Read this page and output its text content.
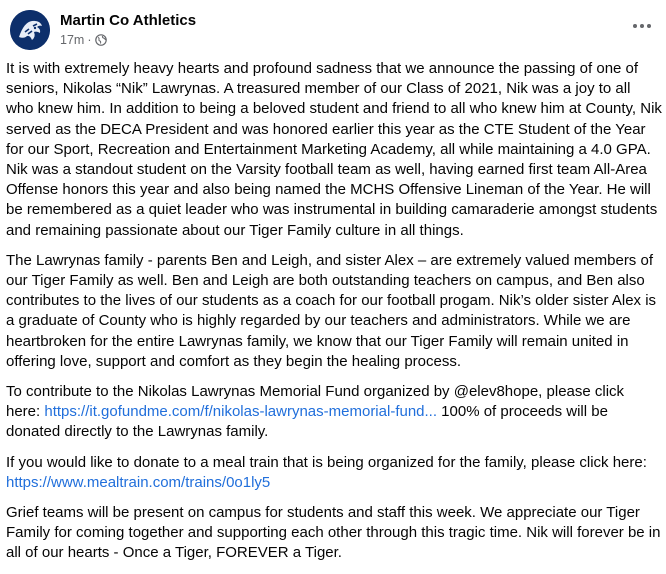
Martin Co Athletics
17m ·

It is with extremely heavy hearts and profound sadness that we announce the passing of one of seniors, Nikolas “Nik” Lawrynas. A treasured member of our Class of 2021, Nik was a joy to all who knew him. In addition to being a beloved student and friend to all who knew him at County, Nik served as the DECA President and was honored earlier this year as the CTE Student of the Year for our Sport, Recreation and Entertainment Marketing Academy, all while maintaining a 4.0 GPA. Nik was a standout student on the Varsity football team as well, having earned first team All-Area Offense honors this year and also being named the MCHS Offensive Lineman of the Year. He will be remembered as a quiet leader who was instrumental in building camaraderie amongst students and remaining passionate about our Tiger Family culture in all things.

The Lawrynas family - parents Ben and Leigh, and sister Alex – are extremely valued members of our Tiger Family as well. Ben and Leigh are both outstanding teachers on campus, and Ben also contributes to the lives of our students as a coach for our football progam. Nik’s older sister Alex is a graduate of County who is highly regarded by our teachers and administrators. While we are heartbroken for the entire Lawrynas family, we know that our Tiger Family will remain united in offering love, support and comfort as they begin the healing process.

To contribute to the Nikolas Lawrynas Memorial Fund organized by @elev8hope, please click here: https://it.gofundme.com/f/nikolas-lawrynas-memorial-fund... 100% of proceeds will be donated directly to the Lawrynas family.

If you would like to donate to a meal train that is being organized for the family, please click here: https://www.mealtrain.com/trains/0o1ly5

Grief teams will be present on campus for students and staff this week. We appreciate our Tiger Family for coming together and supporting each other through this tragic time. Nik will forever be in all of our hearts - Once a Tiger, FOREVER a Tiger.
